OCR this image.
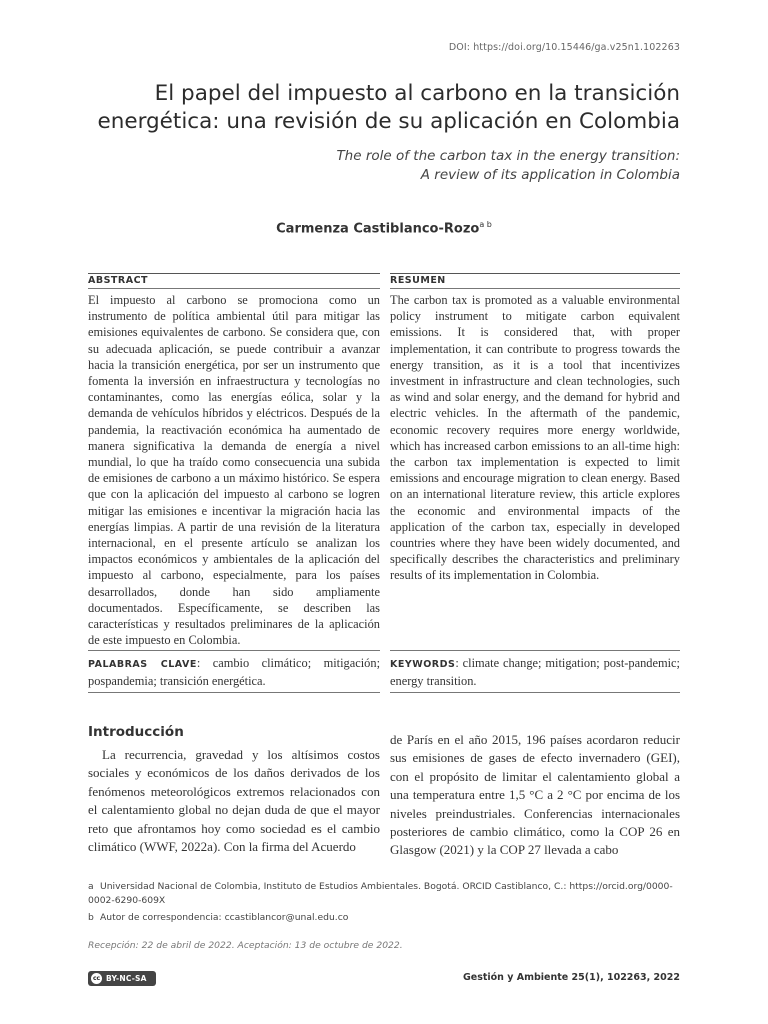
DOI: https://doi.org/10.15446/ga.v25n1.102263
El papel del impuesto al carbono en la transición
energética: una revisión de su aplicación en Colombia
The role of the carbon tax in the energy transition:
A review of its application in Colombia
Carmenza Castiblanco-Rozo$^{a b}$
ABSTRACT	RESUMEN
El impuesto al carbono se promociona como un instrumento de política ambiental útil para mitigar las emisiones equivalentes de carbono. Se considera que, con su adecuada aplicación, se puede contribuir a avanzar hacia la transición energética, por ser un instrumento que fomenta la inversión en infraestructura y tecnologías no contaminantes, como las energías eólica, solar y la demanda de vehículos híbridos y eléctricos. Después de la pandemia, la reactivación económica ha aumentado de manera significativa la demanda de energía a nivel mundial, lo que ha traído como consecuencia una subida de emisiones de carbono a un máximo histórico. Se espera que con la aplicación del impuesto al carbono se logren mitigar las emisiones e incentivar la migración hacia las energías limpias. A partir de una revisión de la literatura internacional, en el presente artículo se analizan los impactos económicos y ambientales de la aplicación del impuesto al carbono, especialmente, para los países desarrollados, donde han sido ampliamente documentados. Específicamente, se describen las características y resultados preliminares de la aplicación de este impuesto en Colombia.
The carbon tax is promoted as a valuable environmental policy instrument to mitigate carbon equivalent emissions. It is considered that, with proper implementation, it can contribute to progress towards the energy transition, as it is a tool that incentivizes investment in infrastructure and clean technologies, such as wind and solar energy, and the demand for hybrid and electric vehicles. In the aftermath of the pandemic, economic recovery requires more energy worldwide, which has increased carbon emissions to an all-time high: the carbon tax implementation is expected to limit emissions and encourage migration to clean energy. Based on an international literature review, this article explores the economic and environmental impacts of the application of the carbon tax, especially in developed countries where they have been widely documented, and specifically describes the characteristics and preliminary results of its implementation in Colombia.
PALABRAS CLAVE: cambio climático; mitigación; pospandemia; transición energética.
KEYWORDS: climate change; mitigation; post-pandemic; energy transition.
Introducción
La recurrencia, gravedad y los altísimos costos sociales y económicos de los daños derivados de los fenómenos meteorológicos extremos relacionados con el calentamiento global no dejan duda de que el mayor reto que afrontamos hoy como sociedad es el cambio climático (WWF, 2022a). Con la firma del Acuerdo
de París en el año 2015, 196 países acordaron reducir sus emisiones de gases de efecto invernadero (GEI), con el propósito de limitar el calentamiento global a una temperatura entre 1,5 °C a 2 °C por encima de los niveles preindustriales. Conferencias internacionales posteriores de cambio climático, como la COP 26 en Glasgow (2021) y la COP 27 llevada a cabo
a Universidad Nacional de Colombia, Instituto de Estudios Ambientales. Bogotá. ORCID Castiblanco, C.: https://orcid.org/0000-0002-6290-609X
b Autor de correspondencia: ccastiblancor@unal.edu.co
Recepción: 22 de abril de 2022. Aceptación: 13 de octubre de 2022.
cc BY-NC-SA	Gestión y Ambiente 25(1), 102263, 2022
